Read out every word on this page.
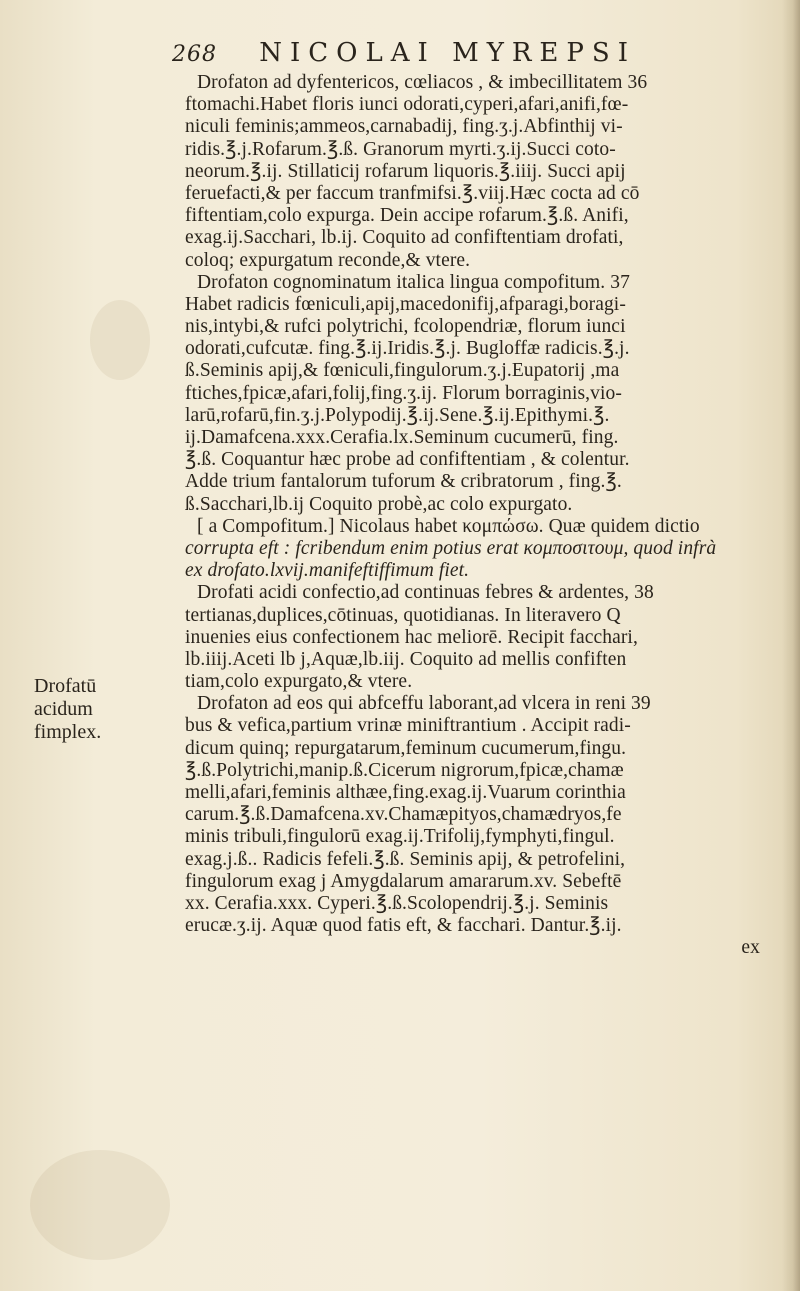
268 NICOLAI MYREPSI
Drofatū
acidum
fimplex.
Drofaton ad dyfentericos, cœliacos , & imbecillitatem 36
ftomachi.Habet floris iunci odorati,cyperi,afari,anifi,fœ-
niculi feminis;ammeos,carnabadij, fing.ʒ.j.Abfinthij vi-
ridis.℥.j.Rofarum.℥.ß. Granorum myrti.ʒ.ij.Succi coto-
neorum.℥.ij. Stillaticij rofarum liquoris.℥.iiij. Succi apij
feruefacti,& per faccum tranfmifsi.℥.viij.Hæc cocta ad cō
fiftentiam,colo expurga. Dein accipe rofarum.℥.ß. Anifi,
exag.ij.Sacchari, lb.ij. Coquito ad confiftentiam drofati,
coloq; expurgatum reconde,& vtere.
Drofaton cognominatum italica lingua compofitum. 37
Habet radicis fœniculi,apij,macedonifij,afparagi,boragi-
nis,intybi,& rufci polytrichi, fcolopendriæ, florum iunci
odorati,cufcutæ. fing.℥.ij.Iridis.℥.j. Bugloffæ radicis.℥.j.
ß.Seminis apij,& fœniculi,fingulorum.ʒ.j.Eupatorij ,ma
ftiches,fpicæ,afari,folij,fing.ʒ.ij. Florum borraginis,vio-
larū,rofarū,fin.ʒ.j.Polypodij.℥.ij.Sene.℥.ij.Epithymi.℥.
ij.Damafcena.xxx.Cerafia.lx.Seminum cucumerū, fing.
℥.ß. Coquantur hæc probe ad confiftentiam , & colentur.
Adde trium fantalorum tuforum & cribratorum , fing.℥.
ß.Sacchari,lb.ij Coquito probè,ac colo expurgato.
[ a Compofitum.] Nicolaus habet κομπώσω. Quæ quidem dictio
corrupta eft : fcribendum enim potius erat κομποσιτουμ, quod infrà
ex drofato.lxvij.manifeftiffimum fiet.
Drofati acidi confectio,ad continuas febres & ardentes, 38
tertianas,duplices,cōtinuas, quotidianas. In literavero Q
inuenies eius confectionem hac meliorē. Recipit facchari,
lb.iiij.Aceti lb j,Aquæ,lb.iij. Coquito ad mellis confiften
tiam,colo expurgato,& vtere.
Drofaton ad eos qui abfceffu laborant,ad vlcera in reni 39
bus & vefica,partium vrinæ miniftrantium . Accipit radi-
dicum quinq; repurgatarum,feminum cucumerum,fingu.
℥.ß.Polytrichi,manip.ß.Cicerum nigrorum,fpicæ,chamæ
melli,afari,feminis althæe,fing.exag.ij.Vuarum corinthia
carum.℥.ß.Damafcena.xv.Chamæpityos,chamædryos,fe
minis tribuli,fingulorū exag.ij.Trifolij,fymphyti,fingul.
exag.j.ß.. Radicis fefeli.℥.ß. Seminis apij, & petrofelini,
fingulorum exag j Amygdalarum amararum.xv. Sebeftē
xx. Cerafia.xxx. Cyperi.℥.ß.Scolopendrij.℥.j. Seminis
erucæ.ʒ.ij. Aquæ quod fatis eft, & facchari. Dantur.℥.ij.
ex
